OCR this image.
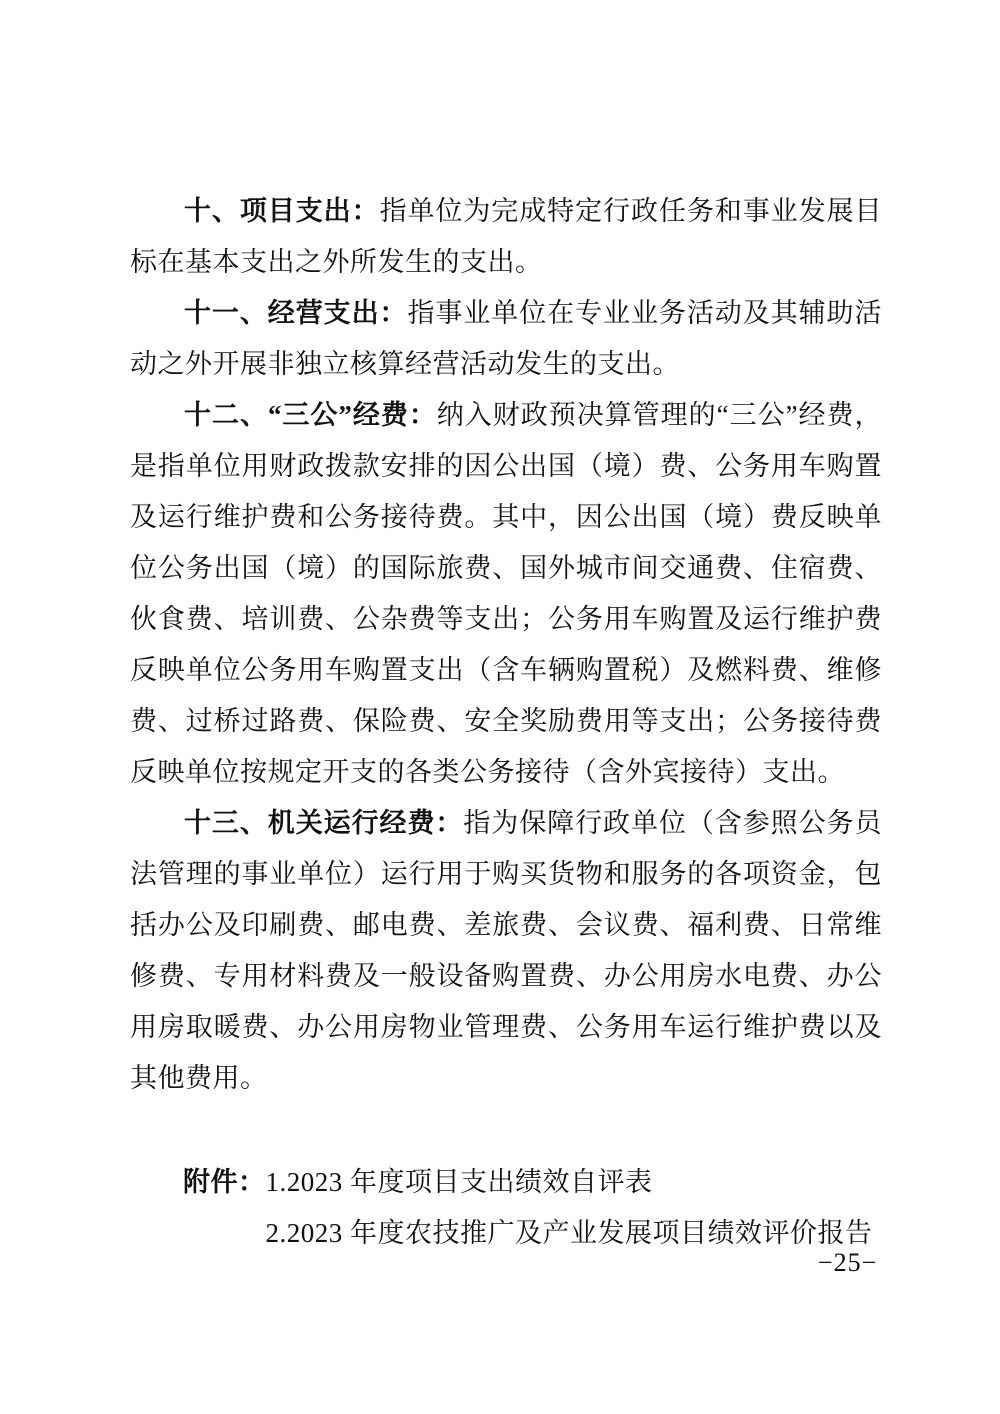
十、项目支出：指单位为完成特定行政任务和事业发展目标在基本支出之外所发生的支出。

十一、经营支出：指事业单位在专业业务活动及其辅助活动之外开展非独立核算经营活动发生的支出。

十二、“三公”经费：纳入财政预决算管理的“三公”经费，是指单位用财政拨款安排的因公出国（境）费、公务用车购置及运行维护费和公务接待费。其中，因公出国（境）费反映单位公务出国（境）的国际旅费、国外城市间交通费、住宿费、伙食费、培训费、公杂费等支出；公务用车购置及运行维护费反映单位公务用车购置支出（含车辆购置税）及燃料费、维修费、过桥过路费、保险费、安全奖励费用等支出；公务接待费反映单位按规定开支的各类公务接待（含外宾接待）支出。

十三、机关运行经费：指为保障行政单位（含参照公务员法管理的事业单位）运行用于购买货物和服务的各项资金，包括办公及印刷费、邮电费、差旅费、会议费、福利费、日常维修费、专用材料费及一般设备购置费、办公用房水电费、办公用房取暖费、办公用房物业管理费、公务用车运行维护费以及其他费用。

附件： 1.2023 年度项目支出绩效自评表
2.2023 年度农技推广及产业发展项目绩效评价报告
−25−
